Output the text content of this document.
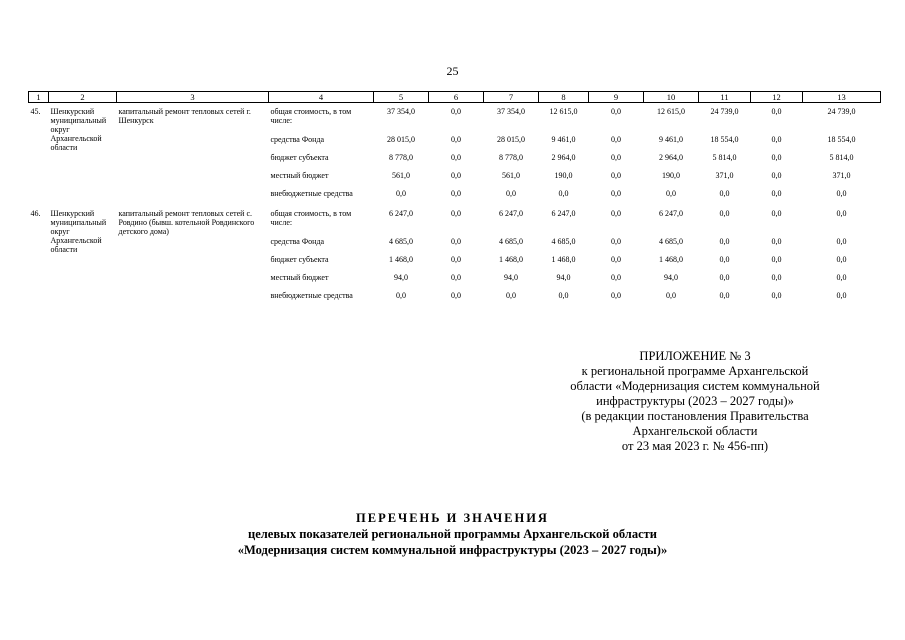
25
1	2	3	4	5	6	7	8	9	10	11	12	13
45.	Шенкурский муниципальный округ Архангельской области	капитальный ремонт тепловых сетей г. Шенкурск	общая стоимость, в том числе:	37 354,0	0,0	37 354,0	12 615,0	0,0	12 615,0	24 739,0	0,0	24 739,0
			средства Фонда	28 015,0	0,0	28 015,0	9 461,0	0,0	9 461,0	18 554,0	0,0	18 554,0
			бюджет субъекта	8 778,0	0,0	8 778,0	2 964,0	0,0	2 964,0	5 814,0	0,0	5 814,0
			местный бюджет	561,0	0,0	561,0	190,0	0,0	190,0	371,0	0,0	371,0
			внебюджетные средства	0,0	0,0	0,0	0,0	0,0	0,0	0,0	0,0	0,0
46.	Шенкурский муниципальный округ Архангельской области	капитальный ремонт тепловых сетей с. Ровдино (бывш. котельной Ровдинского детского дома)	общая стоимость, в том числе:	6 247,0	0,0	6 247,0	6 247,0	0,0	6 247,0	0,0	0,0	0,0
			средства Фонда	4 685,0	0,0	4 685,0	4 685,0	0,0	4 685,0	0,0	0,0	0,0
			бюджет субъекта	1 468,0	0,0	1 468,0	1 468,0	0,0	1 468,0	0,0	0,0	0,0
			местный бюджет	94,0	0,0	94,0	94,0	0,0	94,0	0,0	0,0	0,0
			внебюджетные средства	0,0	0,0	0,0	0,0	0,0	0,0	0,0	0,0	0,0
ПРИЛОЖЕНИЕ № 3
к региональной программе Архангельской
области «Модернизация систем коммунальной
инфраструктуры (2023 – 2027 годы)»
(в редакции постановления Правительства
Архангельской области
от 23 мая 2023 г. № 456-пп)
ПЕРЕЧЕНЬ И ЗНАЧЕНИЯ
целевых показателей региональной программы Архангельской области
«Модернизация систем коммунальной инфраструктуры (2023 – 2027 годы)»
